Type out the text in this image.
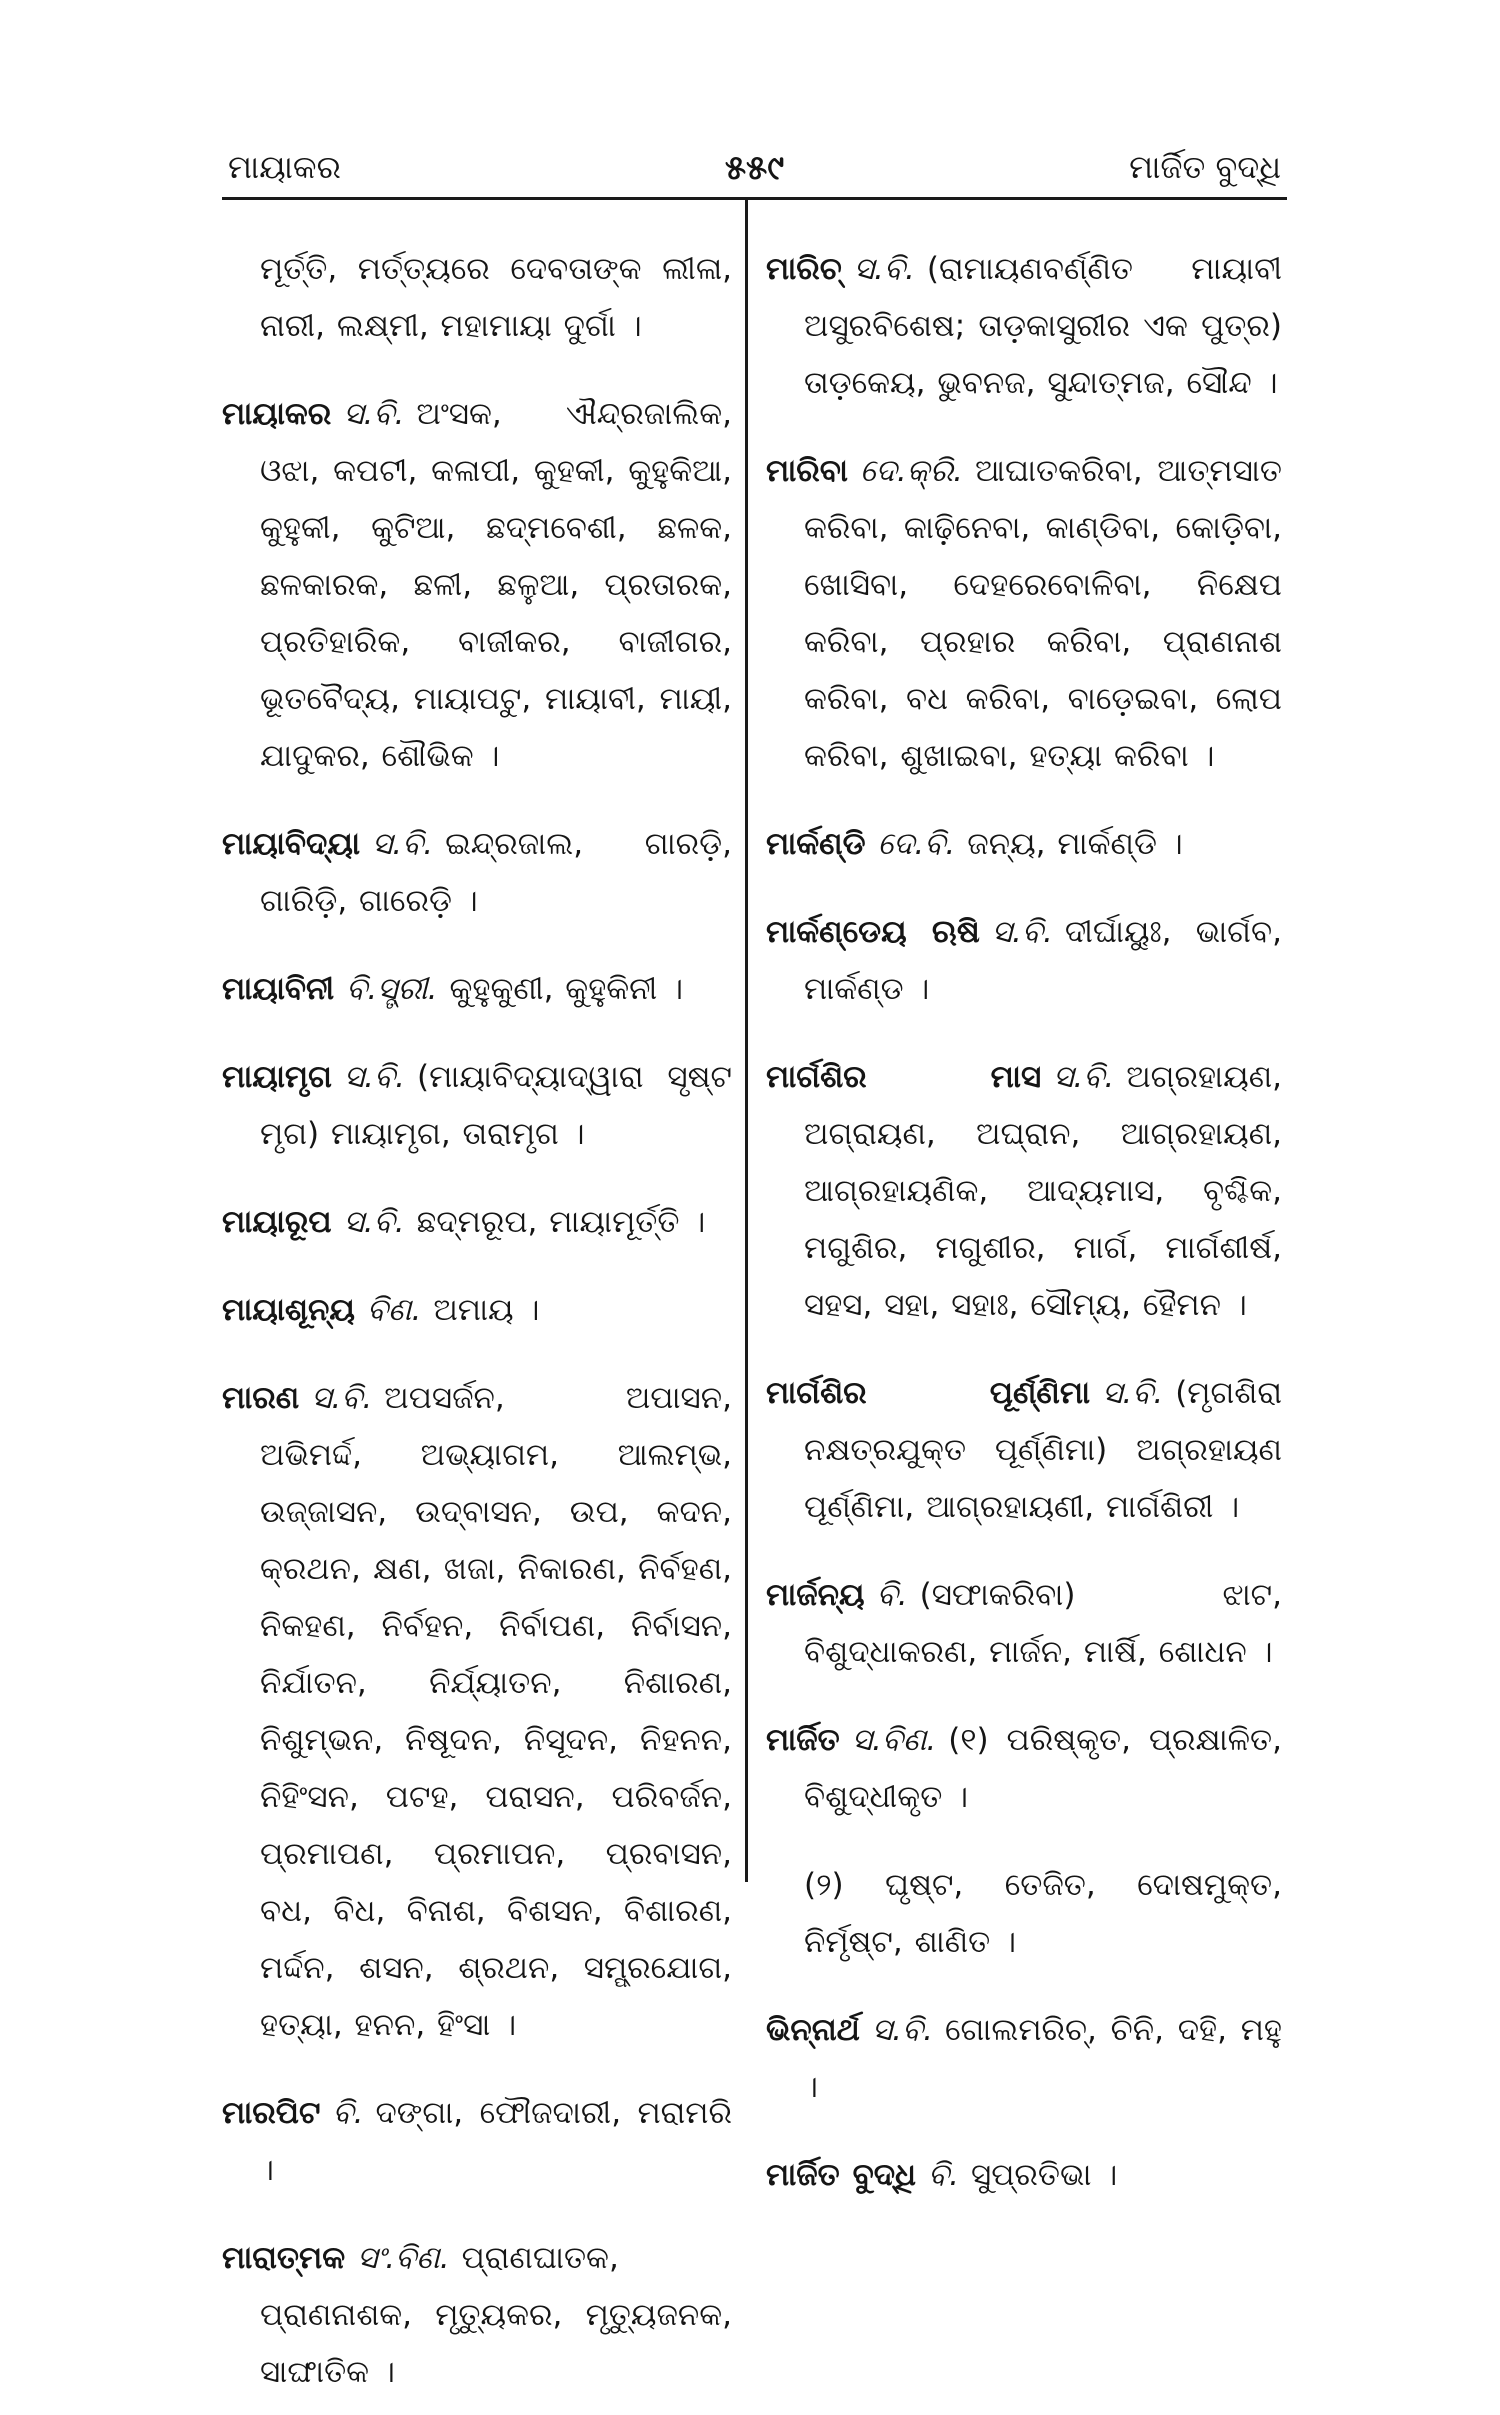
ମାୟାକର	୫୫୯	ମାର୍ଜିତ ବୁଦ୍ଧି

ମୂର୍ତ୍ତି, ମର୍ତ୍ତ୍ୟରେ ଦେବତାଙ୍କ ଲୀଳା, ନାରୀ, ଲକ୍ଷ୍ମୀ, ମହାମାୟା ଦୁର୍ଗା ।

ମାୟାକର ସ.ବି. ଅଂସକ, ଐନ୍ଦ୍ରଜାଲିକ, ଓଝା, କପଟୀ, କଳାପୀ, କୁହକୀ, କୁହୁକିଆ, କୁହୁକୀ, କୁଟିଆ, ଛଦ୍ମବେଶୀ, ଛଳକ, ଛଳକାରକ, ଛଳୀ, ଛଳୁଆ, ପ୍ରତାରକ, ପ୍ରତିହାରିକ, ବାଜୀକର, ବାଜୀଗର, ଭୂତବୈଦ୍ୟ, ମାୟାପଟୁ, ମାୟାବୀ, ମାୟୀ, ଯାଦୁକର, ଶୌଭିକ ।

ମାୟାବିଦ୍ୟା ସ.ବି. ଇନ୍ଦ୍ରଜାଲ, ଗାରଡ଼ି, ଗାରିଡ଼ି, ଗାରେଡ଼ି ।

ମାୟାବିନୀ ବି.ସ୍ତ୍ରୀ. କୁହୁକୁଣୀ, କୁହୁକିନୀ ।

ମାୟାମୃଗ ସ.ବି. (ମାୟାବିଦ୍ୟାଦ୍ୱାରା ସୃଷ୍ଟ ମୃଗ) ମାୟାମୃଗ, ତାରାମୃଗ ।

ମାୟାରୂପ ସ.ବି. ଛଦ୍ମରୂପ, ମାୟାମୂର୍ତ୍ତି ।

ମାୟାଶୂନ୍ୟ ବିଣ. ଅମାୟ ।

ମାରଣ ସ.ବି. ଅପସର୍ଜନ, ଅପାସନ, ଅଭିମର୍ଦ୍ଦ, ଅଭ୍ୟାଗମ, ଆଲମ୍ଭ, ଉଜ୍ଜାସନ, ଉଦ୍‌ବାସନ, ଉପ, କଦନ, କ୍ରଥନ, କ୍ଷଣ, ଖଜା, ନିକାରଣ, ନିର୍ବହଣ, ନିକହଣ, ନିର୍ବହନ, ନିର୍ବାପଣ, ନିର୍ବାସନ, ନିର୍ଯାତନ, ନିର୍ଯ୍ୟାତନ, ନିଶାରଣ, ନିଶୁମ୍ଭନ, ନିଷୂଦନ, ନିସୂଦନ, ନିହନନ, ନିହିଂସନ, ପଟହ, ପରାସନ, ପରିବର୍ଜନ, ପ୍ରମାପଣ, ପ୍ରମାପନ, ପ୍ରବାସନ, ବଧ, ବିଧ, ବିନାଶ, ବିଶସନ, ବିଶାରଣ, ମର୍ଦ୍ଦନ, ଶସନ, ଶ୍ରଥନ, ସମ୍ପ୍ରଯୋଗ, ହତ୍ୟା, ହନନ, ହିଂସା ।

ମାରପିଟ ବି. ଦଙ୍ଗା, ଫୌଜଦାରୀ, ମରାମରି ।

ମାରାତ୍ମକ ସଂ.ବିଣ. ପ୍ରାଣଘାତକ, ପ୍ରାଣନାଶକ, ମୃତ୍ୟୁକର, ମୃତ୍ୟୁଜନକ, ସାଙ୍ଘାତିକ ।

ମାରିଚ୍ ସ.ବି. (ରାମାୟଣବର୍ଣ୍ଣିତ ମାୟାବୀ ଅସୁରବିଶେଷ; ତାଡ଼କାସୁରୀର ଏକ ପୁତ୍ର) ତାଡ଼କେୟ, ଭୁବନଜ, ସୁନ୍ଦାତ୍ମଜ, ସୌନ୍ଦ ।

ମାରିବା ଦେ.କ୍ରି. ଆଘାତକରିବା, ଆତ୍ମସାତ କରିବା, କାଢ଼ିନେବା, କାଣ୍ଡିବା, କୋଡ଼ିବା, ଖୋସିବା, ଦେହରେବୋଳିବା, ନିକ୍ଷେପ କରିବା, ପ୍ରହାର କରିବା, ପ୍ରାଣନାଶ କରିବା, ବଧ କରିବା, ବାଡ଼େଇବା, ଲୋପ କରିବା, ଶୁଖାଇବା, ହତ୍ୟା କରିବା ।

ମାର୍କଣ୍ଡି ଦେ.ବି. ଜନ୍ୟ, ମାର୍କଣ୍ଡି ।

ମାର୍କଣ୍ଡେୟ ଋଷି ସ.ବି. ଦୀର୍ଘାୟୁଃ, ଭାର୍ଗବ, ମାର୍କଣ୍ଡ ।

ମାର୍ଗଶିର ମାସ ସ.ବି. ଅଗ୍ରହାୟଣ, ଅଗ୍ରାୟଣ, ଅଘ୍ରାନ, ଆଗ୍ରହାୟଣ, ଆଗ୍ରହାୟଣିକ, ଆଦ୍ୟମାସ, ବୃଶ୍ଚିକ, ମଗୁଶିର, ମଗୁଶୀର, ମାର୍ଗ, ମାର୍ଗଶୀର୍ଷ, ସହସ, ସହା, ସହାଃ, ସୌମ୍ୟ, ହୈମନ ।

ମାର୍ଗଶିର ପୂର୍ଣ୍ଣିମା ସ.ବି. (ମୃଗଶିରା ନକ୍ଷତ୍ରଯୁକ୍ତ ପୂର୍ଣ୍ଣିମା) ଅଗ୍ରହାୟଣ ପୂର୍ଣ୍ଣିମା, ଆଗ୍ରହାୟଣୀ, ମାର୍ଗଶିରୀ ।

ମାର୍ଜନ୍ୟ ବି. (ସଫାକରିବା) ଝାଟ, ବିଶୁଦ୍ଧାକରଣ, ମାର୍ଜନ, ମାର୍ଷି, ଶୋଧନ ।

ମାର୍ଜିତ ସ.ବିଣ. (୧) ପରିଷ୍କୃତ, ପ୍ରକ୍ଷାଳିତ, ବିଶୁଦ୍ଧୀକୃତ ।

(୨) ଘୃଷ୍ଟ, ତେଜିତ, ଦୋଷମୁକ୍ତ, ନିର୍ମୃଷ୍ଟ, ଶାଣିତ ।

ଭିନ୍ନାର୍ଥ ସ.ବି. ଗୋଲମରିଚ୍, ଚିନି, ଦହି, ମହୁ ।

ମାର୍ଜିତ ବୁଦ୍ଧି ବି. ସୁପ୍ରତିଭା ।
